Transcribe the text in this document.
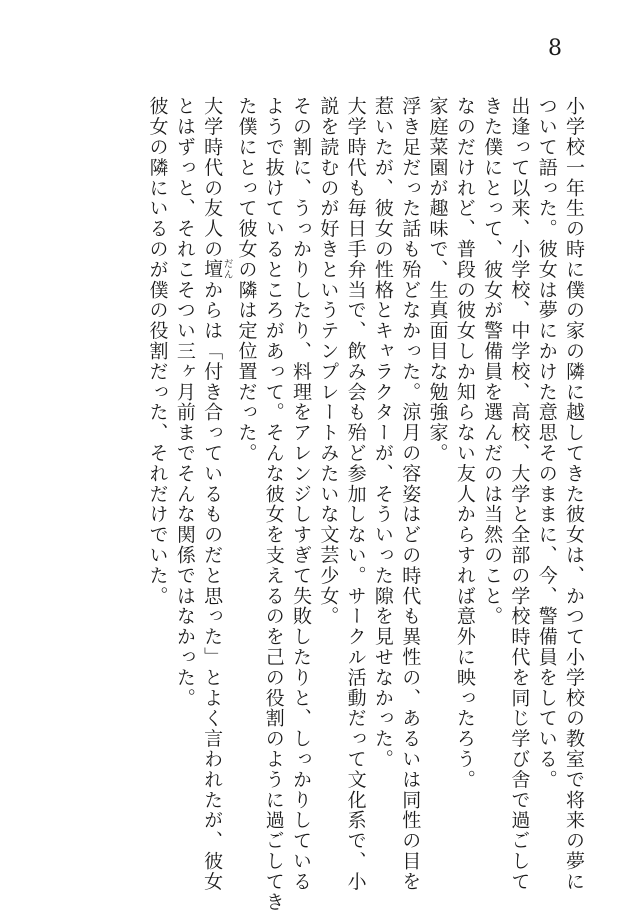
8
小学校一年生の時に僕の家の隣に越してきた彼女は、かつて小学校の教室で将来の夢に
ついて語った。彼女は夢にかけた意思そのままに、今、警備員をしている。
出逢って以来、小学校、中学校、高校、大学と全部の学校時代を同じ学び舎で過ごして
きた僕にとって、彼女が警備員を選んだのは当然のこと。
なのだけれど、普段の彼女しか知らない友人からすれば意外に映ったろう。
家庭菜園が趣味で、生真面目な勉強家。
浮き足だった話も殆どなかった。涼月の容姿はどの時代も異性の、あるいは同性の目を
惹いたが、彼女の性格とキャラクターが、そういった隙を見せなかった。
大学時代も毎日手弁当で、飲み会も殆ど参加しない。サークル活動だって文化系で、小
説を読むのが好きというテンプレートみたいな文芸少女。
その割に、うっかりしたり、料理をアレンジしすぎて失敗したりと、しっかりしている
ようで抜けているところがあって。そんな彼女を支えるのを己の役割のように過ごしてき
た僕にとって彼女の隣は定位置だった。
大学時代の友人の壇だんからは「付き合っているものだと思った」とよく言われたが、彼女
とはずっと、それこそつい三ヶ月前までそんな関係ではなかった。
彼女の隣にいるのが僕の役割だった、それだけでいた。
